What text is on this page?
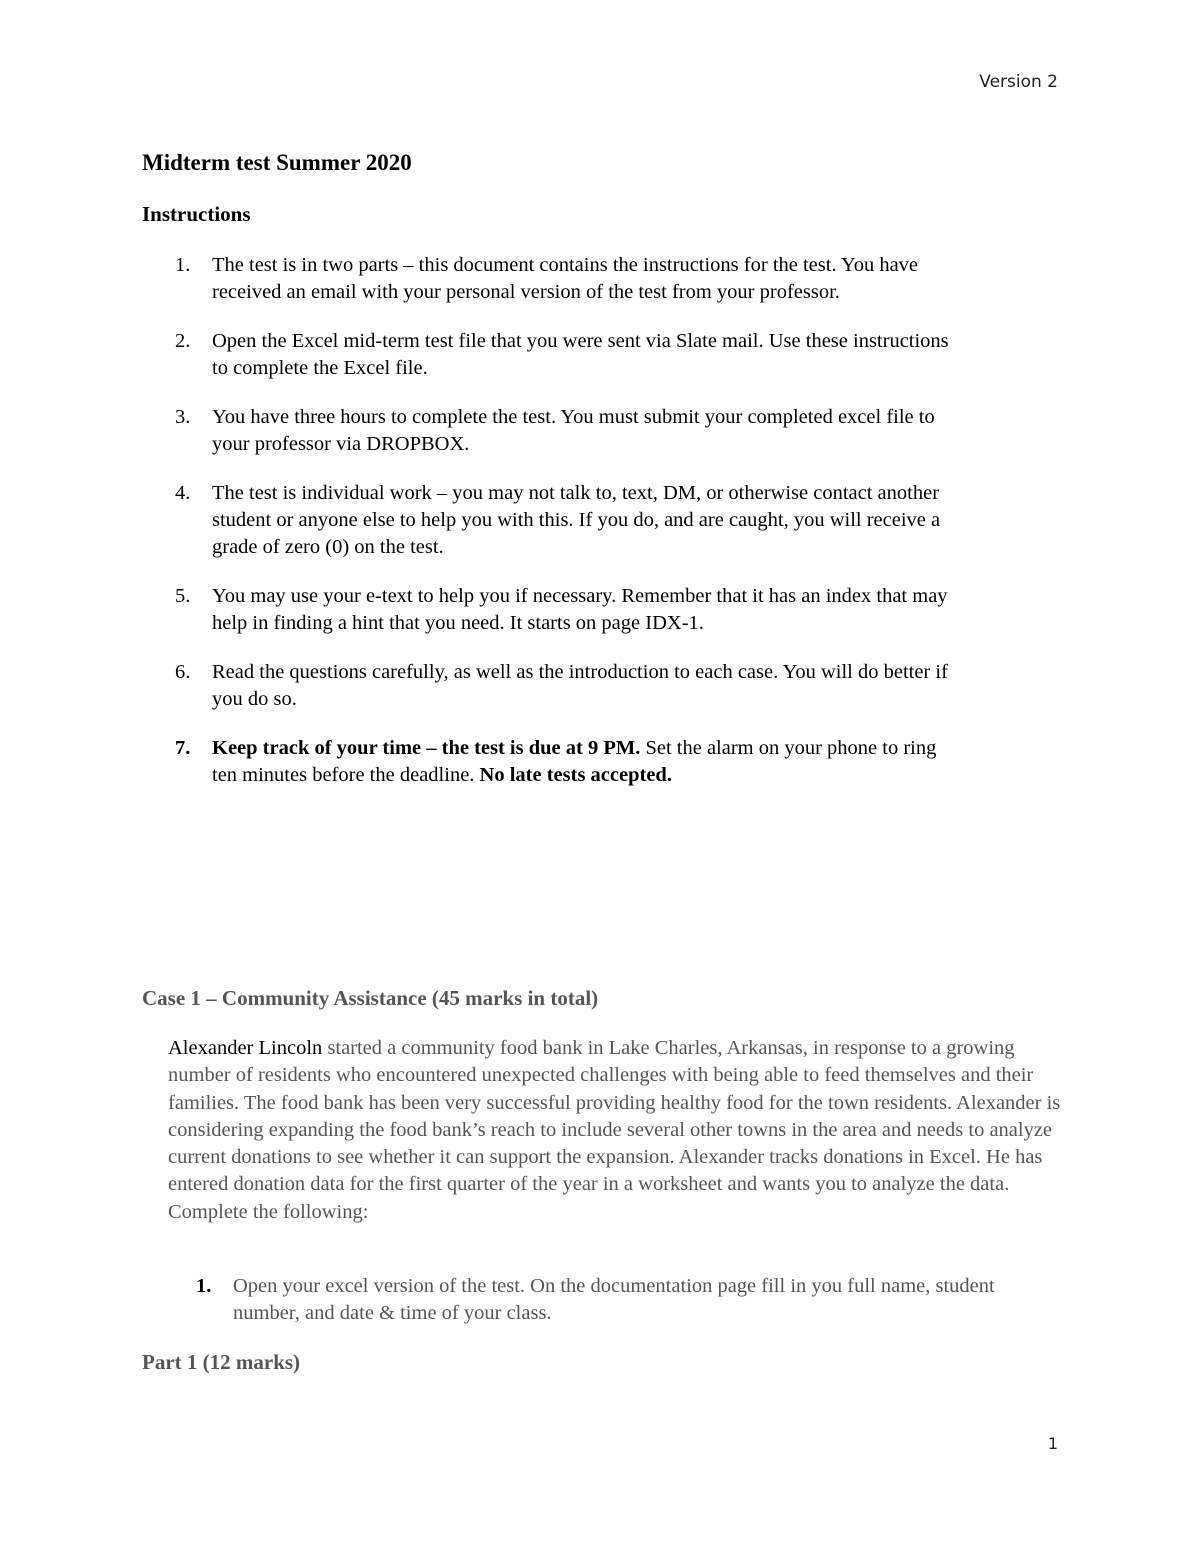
Version 2
Midterm test Summer 2020
Instructions
1. The test is in two parts – this document contains the instructions for the test. You have received an email with your personal version of the test from your professor.
2. Open the Excel mid-term test file that you were sent via Slate mail. Use these instructions to complete the Excel file.
3. You have three hours to complete the test. You must submit your completed excel file to your professor via DROPBOX.
4. The test is individual work – you may not talk to, text, DM, or otherwise contact another student or anyone else to help you with this. If you do, and are caught, you will receive a grade of zero (0) on the test.
5. You may use your e-text to help you if necessary. Remember that it has an index that may help in finding a hint that you need. It starts on page IDX-1.
6. Read the questions carefully, as well as the introduction to each case. You will do better if you do so.
7. Keep track of your time – the test is due at 9 PM. Set the alarm on your phone to ring ten minutes before the deadline. No late tests accepted.
Case 1 – Community Assistance (45 marks in total)

Alexander Lincoln started a community food bank in Lake Charles, Arkansas, in response to a growing number of residents who encountered unexpected challenges with being able to feed themselves and their families. The food bank has been very successful providing healthy food for the town residents. Alexander is considering expanding the food bank’s reach to include several other towns in the area and needs to analyze current donations to see whether it can support the expansion. Alexander tracks donations in Excel. He has entered donation data for the first quarter of the year in a worksheet and wants you to analyze the data. Complete the following:

1.	Open your excel version of the test. On the documentation page fill in you full name, student number, and date & time of your class.
Part 1 (12 marks)
1
